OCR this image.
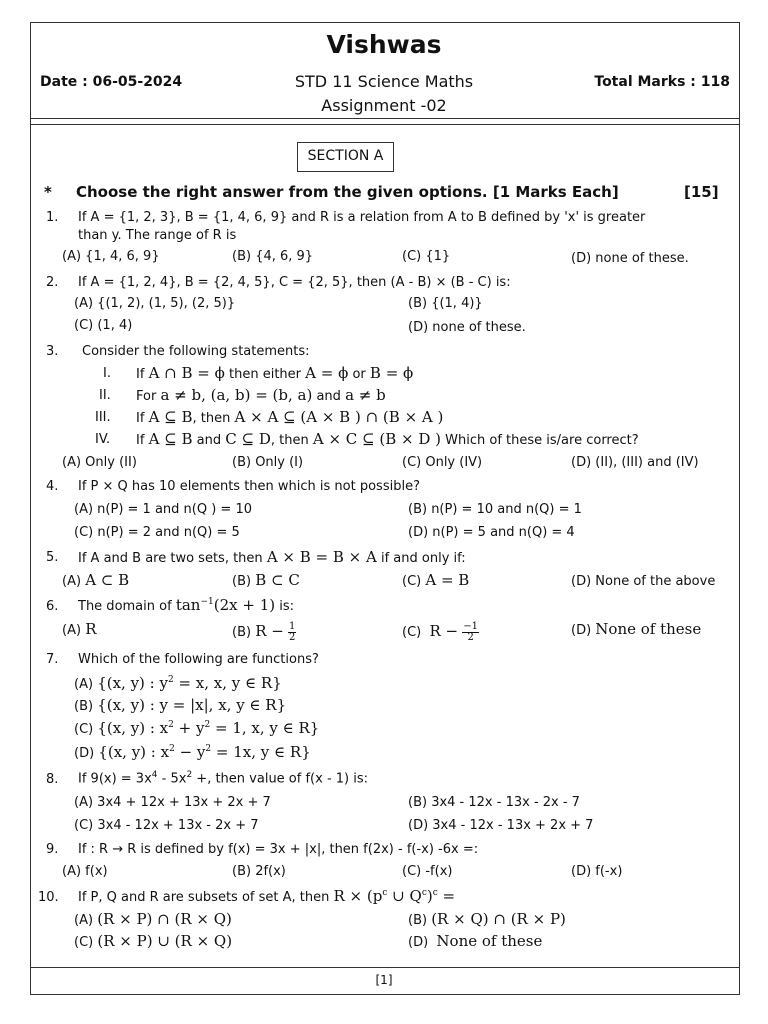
Vishwas
Date : 06-05-2024	STD 11 Science Maths
Assignment -02
Total Marks : 118
SECTION A
* Choose the right answer from the given options. [1 Marks Each]	[15]
1. If A = {1, 2, 3}, B = {1, 4, 6, 9} and R is a relation from A to B defined by 'x' is greater
than y. The range of R is
(A) {1, 4, 6, 9}	(B) {4, 6, 9}	(C) {1}	(D) none of these.
2. If A = {1, 2, 4}, B = {2, 4, 5}, C = {2, 5}, then (A - B) × (B - C) is:
(A) {(1, 2), (1, 5), (2, 5)}	(B) {(1, 4)}
(C) (1, 4)	(D) none of these.
3. Consider the following statements:
I. If A ∩ B = ϕ then either A = ϕ or B = ϕ
II. For a ≠ b, (a, b) = (b, a) and a ≠ b
III. If A ⊆ B, then A × A ⊆ (A × B ) ∩ (B × A )
IV. If A ⊆ B and C ⊆ D, then A × C ⊆ (B × D ) Which of these is/are correct?
(A) Only (II)	(B) Only (I)	(C) Only (IV)	(D) (II), (III) and (IV)
4. If P × Q has 10 elements then which is not possible?
(A) n(P) = 1 and n(Q ) = 10	(B) n(P) = 10 and n(Q) = 1
(C) n(P) = 2 and n(Q) = 5	(D) n(P) = 5 and n(Q) = 4
5. If A and B are two sets, then A × B = B × A if and only if:
(A) A ⊂ B	(B) B ⊂ C	(C) A = B	(D) None of the above
6. The domain of $\tan^{-1}(2x + 1)$ is:
(A) R	(B) $R - \frac{1}{2}$	(C) $R - \frac{-1}{2}$	(D) None of these
7. Which of the following are functions?
(A) {(x, y) : $y^2 = x$, x, y ∈ R}
(B) {(x, y) : y = |x|, x, y ∈ R}
(C) {(x, y) : $x^2 + y^2 = 1$, x, y ∈ R}
(D) {(x, y) : $x^2 - y^2 = 1x$, y ∈ R}
8. If $9(x) = 3x^4 - 5x^2$ +, then value of f(x - 1) is:
(A) 3x4 + 12x + 13x + 2x + 7	(B) 3x4 - 12x - 13x - 2x - 7
(C) 3x4 - 12x + 13x - 2x + 7	(D) 3x4 - 12x - 13x + 2x + 7
9. If : R → R is defined by f(x) = 3x + |x|, then f(2x) - f(-x) -6x =:
(A) f(x)	(B) 2f(x)	(C) -f(x)	(D) f(-x)
10. If P, Q and R are subsets of set A, then $R \times (p^c$ ∪ $Q^c)^c$ =
(A) (R × P) ∩ (R × Q)	(B) (R × Q) ∩ (R × P)
(C) (R × P) ∪ (R × Q)	(D) None of these
[1]
